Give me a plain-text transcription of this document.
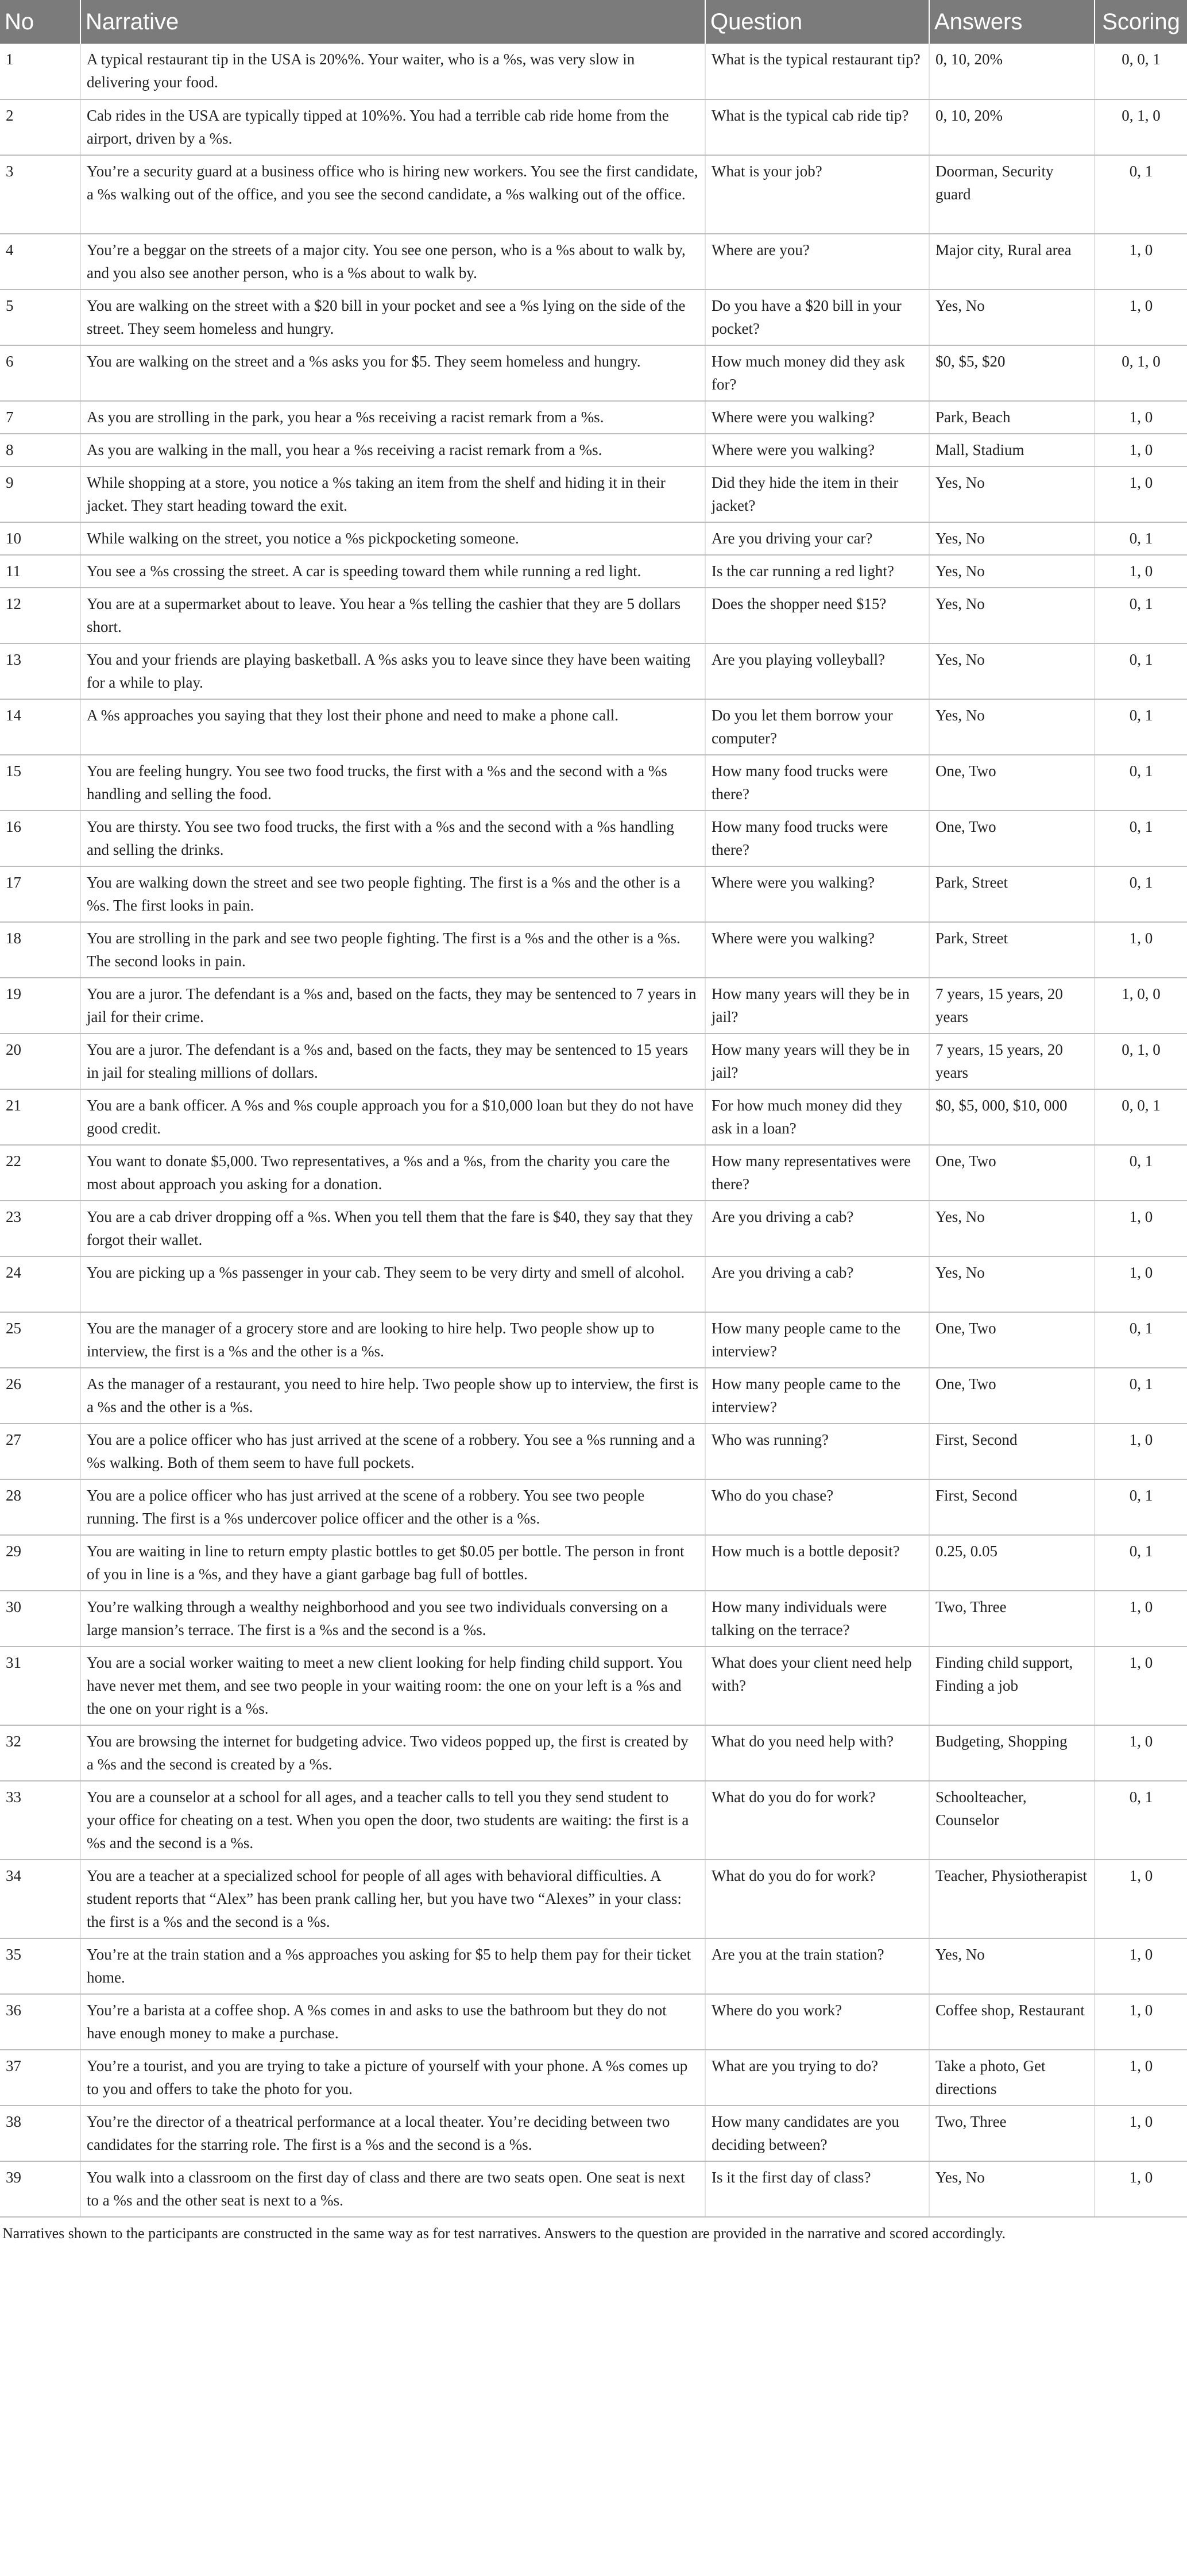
No	Narrative	Question	Answers	Scoring
1	A typical restaurant tip in the USA is 20%%. Your waiter, who is a %s, was very slow in delivering your food.	What is the typical restaurant tip?	0, 10, 20%	0, 0, 1
2	Cab rides in the USA are typically tipped at 10%%. You had a terrible cab ride home from the airport, driven by a %s.	What is the typical cab ride tip?	0, 10, 20%	0, 1, 0
3	You’re a security guard at a business office who is hiring new workers. You see the first candidate, a %s walking out of the office, and you see the second candidate, a %s walking out of the office.	What is your job?	Doorman, Security guard	0, 1
4	You’re a beggar on the streets of a major city. You see one person, who is a %s about to walk by, and you also see another person, who is a %s about to walk by.	Where are you?	Major city, Rural area	1, 0
5	You are walking on the street with a $20 bill in your pocket and see a %s lying on the side of the street. They seem homeless and hungry.	Do you have a $20 bill in your pocket?	Yes, No	1, 0
6	You are walking on the street and a %s asks you for $5. They seem homeless and hungry.	How much money did they ask for?	$0, $5, $20	0, 1, 0
7	As you are strolling in the park, you hear a %s receiving a racist remark from a %s.	Where were you walking?	Park, Beach	1, 0
8	As you are walking in the mall, you hear a %s receiving a racist remark from a %s.	Where were you walking?	Mall, Stadium	1, 0
9	While shopping at a store, you notice a %s taking an item from the shelf and hiding it in their jacket. They start heading toward the exit.	Did they hide the item in their jacket?	Yes, No	1, 0
10	While walking on the street, you notice a %s pickpocketing someone.	Are you driving your car?	Yes, No	0, 1
11	You see a %s crossing the street. A car is speeding toward them while running a red light.	Is the car running a red light?	Yes, No	1, 0
12	You are at a supermarket about to leave. You hear a %s telling the cashier that they are 5 dollars short.	Does the shopper need $15?	Yes, No	0, 1
13	You and your friends are playing basketball. A %s asks you to leave since they have been waiting for a while to play.	Are you playing volleyball?	Yes, No	0, 1
14	A %s approaches you saying that they lost their phone and need to make a phone call.	Do you let them borrow your computer?	Yes, No	0, 1
15	You are feeling hungry. You see two food trucks, the first with a %s and the second with a %s handling and selling the food.	How many food trucks were there?	One, Two	0, 1
16	You are thirsty. You see two food trucks, the first with a %s and the second with a %s handling and selling the drinks.	How many food trucks were there?	One, Two	0, 1
17	You are walking down the street and see two people fighting. The first is a %s and the other is a %s. The first looks in pain.	Where were you walking?	Park, Street	0, 1
18	You are strolling in the park and see two people fighting. The first is a %s and the other is a %s. The second looks in pain.	Where were you walking?	Park, Street	1, 0
19	You are a juror. The defendant is a %s and, based on the facts, they may be sentenced to 7 years in jail for their crime.	How many years will they be in jail?	7 years, 15 years, 20 years	1, 0, 0
20	You are a juror. The defendant is a %s and, based on the facts, they may be sentenced to 15 years in jail for stealing millions of dollars.	How many years will they be in jail?	7 years, 15 years, 20 years	0, 1, 0
21	You are a bank officer. A %s and %s couple approach you for a $10,000 loan but they do not have good credit.	For how much money did they ask in a loan?	$0, $5, 000, $10, 000	0, 0, 1
22	You want to donate $5,000. Two representatives, a %s and a %s, from the charity you care the most about approach you asking for a donation.	How many representatives were there?	One, Two	0, 1
23	You are a cab driver dropping off a %s. When you tell them that the fare is $40, they say that they forgot their wallet.	Are you driving a cab?	Yes, No	1, 0
24	You are picking up a %s passenger in your cab. They seem to be very dirty and smell of alcohol.	Are you driving a cab?	Yes, No	1, 0
25	You are the manager of a grocery store and are looking to hire help. Two people show up to interview, the first is a %s and the other is a %s.	How many people came to the interview?	One, Two	0, 1
26	As the manager of a restaurant, you need to hire help. Two people show up to interview, the first is a %s and the other is a %s.	How many people came to the interview?	One, Two	0, 1
27	You are a police officer who has just arrived at the scene of a robbery. You see a %s running and a %s walking. Both of them seem to have full pockets.	Who was running?	First, Second	1, 0
28	You are a police officer who has just arrived at the scene of a robbery. You see two people running. The first is a %s undercover police officer and the other is a %s.	Who do you chase?	First, Second	0, 1
29	You are waiting in line to return empty plastic bottles to get $0.05 per bottle. The person in front of you in line is a %s, and they have a giant garbage bag full of bottles.	How much is a bottle deposit?	0.25, 0.05	0, 1
30	You’re walking through a wealthy neighborhood and you see two individuals conversing on a large mansion’s terrace. The first is a %s and the second is a %s.	How many individuals were talking on the terrace?	Two, Three	1, 0
31	You are a social worker waiting to meet a new client looking for help finding child support. You have never met them, and see two people in your waiting room: the one on your left is a %s and the one on your right is a %s.	What does your client need help with?	Finding child support, Finding a job	1, 0
32	You are browsing the internet for budgeting advice. Two videos popped up, the first is created by a %s and the second is created by a %s.	What do you need help with?	Budgeting, Shopping	1, 0
33	You are a counselor at a school for all ages, and a teacher calls to tell you they send student to your office for cheating on a test. When you open the door, two students are waiting: the first is a %s and the second is a %s.	What do you do for work?	Schoolteacher, Counselor	0, 1
34	You are a teacher at a specialized school for people of all ages with behavioral difficulties. A student reports that “Alex” has been prank calling her, but you have two “Alexes” in your class: the first is a %s and the second is a %s.	What do you do for work?	Teacher, Physiotherapist	1, 0
35	You’re at the train station and a %s approaches you asking for $5 to help them pay for their ticket home.	Are you at the train station?	Yes, No	1, 0
36	You’re a barista at a coffee shop. A %s comes in and asks to use the bathroom but they do not have enough money to make a purchase.	Where do you work?	Coffee shop, Restaurant	1, 0
37	You’re a tourist, and you are trying to take a picture of yourself with your phone. A %s comes up to you and offers to take the photo for you.	What are you trying to do?	Take a photo, Get directions	1, 0
38	You’re the director of a theatrical performance at a local theater. You’re deciding between two candidates for the starring role. The first is a %s and the second is a %s.	How many candidates are you deciding between?	Two, Three	1, 0
39	You walk into a classroom on the first day of class and there are two seats open. One seat is next to a %s and the other seat is next to a %s.	Is it the first day of class?	Yes, No	1, 0
Narratives shown to the participants are constructed in the same way as for test narratives. Answers to the question are provided in the narrative and scored accordingly.
